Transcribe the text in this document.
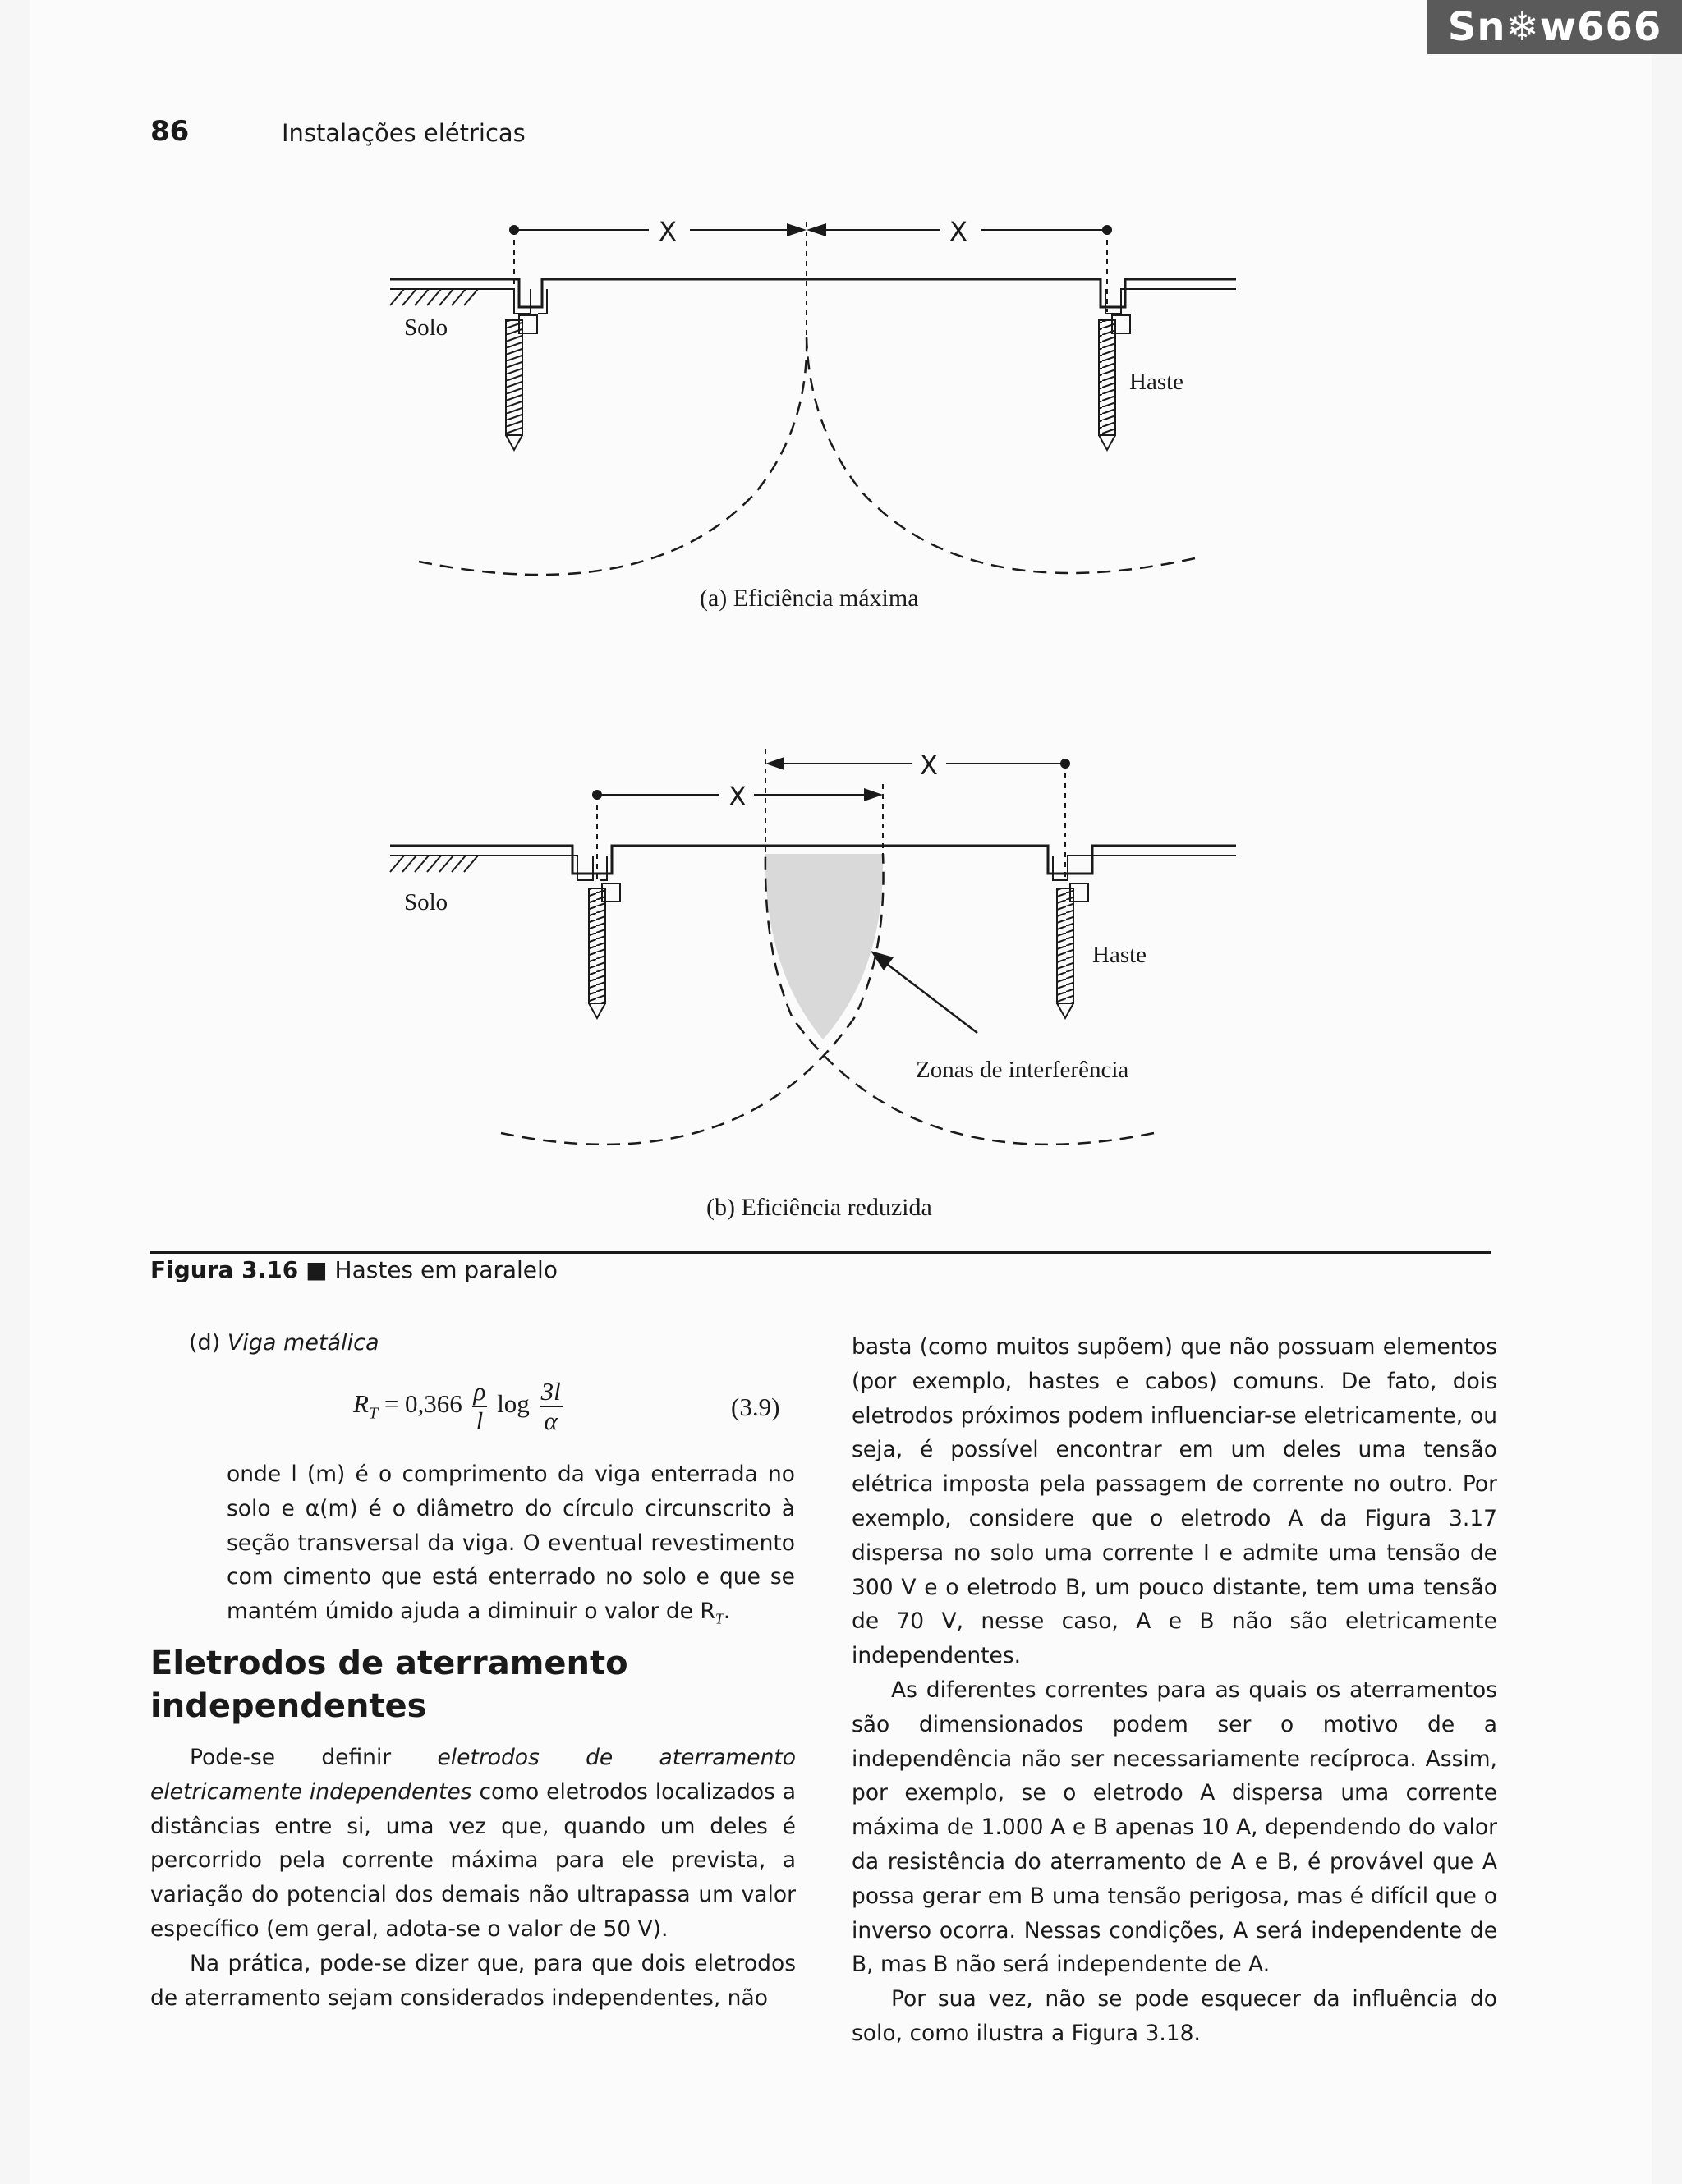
Sn❄w666
86	Instalações elétricas
Solo
Haste
X	X
(a) Eficiência máxima
Solo
Haste
X
X
Zonas de interferência
(b) Eficiência reduzida
Figura 3.16 ■ Hastes em paralelo
(d) Viga metálica
$R_T = 0,366 \frac{\rho}{l}$ $\log \frac{3l}{\alpha}$	(3.9)

onde l (m) é o comprimento da viga enterrada no solo e α(m) é o diâmetro do círculo circunscrito à seção transversal da viga. O eventual revestimento com cimento que está enterrado no solo e que se mantém úmido ajuda a diminuir o valor de $R_T$.

Eletrodos de aterramento independentes

Pode-se definir eletrodos de aterramento eletricamente independentes como eletrodos localizados a distâncias entre si, uma vez que, quando um deles é percorrido pela corrente máxima para ele prevista, a variação do potencial dos demais não ultrapassa um valor específico (em geral, adota-se o valor de 50 V).

Na prática, pode-se dizer que, para que dois eletrodos de aterramento sejam considerados independentes, não

basta (como muitos supõem) que não possuam elementos (por exemplo, hastes e cabos) comuns. De fato, dois eletrodos próximos podem influenciar-se eletricamente, ou seja, é possível encontrar em um deles uma tensão elétrica imposta pela passagem de corrente no outro. Por exemplo, considere que o eletrodo A da Figura 3.17 dispersa no solo uma corrente I e admite uma tensão de 300 V e o eletrodo B, um pouco distante, tem uma tensão de 70 V, nesse caso, A e B não são eletricamente independentes.

As diferentes correntes para as quais os aterramentos são dimensionados podem ser o motivo de a independência não ser necessariamente recíproca. Assim, por exemplo, se o eletrodo A dispersa uma corrente máxima de 1.000 A e B apenas 10 A, dependendo do valor da resistência do aterramento de A e B, é provável que A possa gerar em B uma tensão perigosa, mas é difícil que o inverso ocorra. Nessas condições, A será independente de B, mas B não será independente de A.

Por sua vez, não se pode esquecer da influência do solo, como ilustra a Figura 3.18.
